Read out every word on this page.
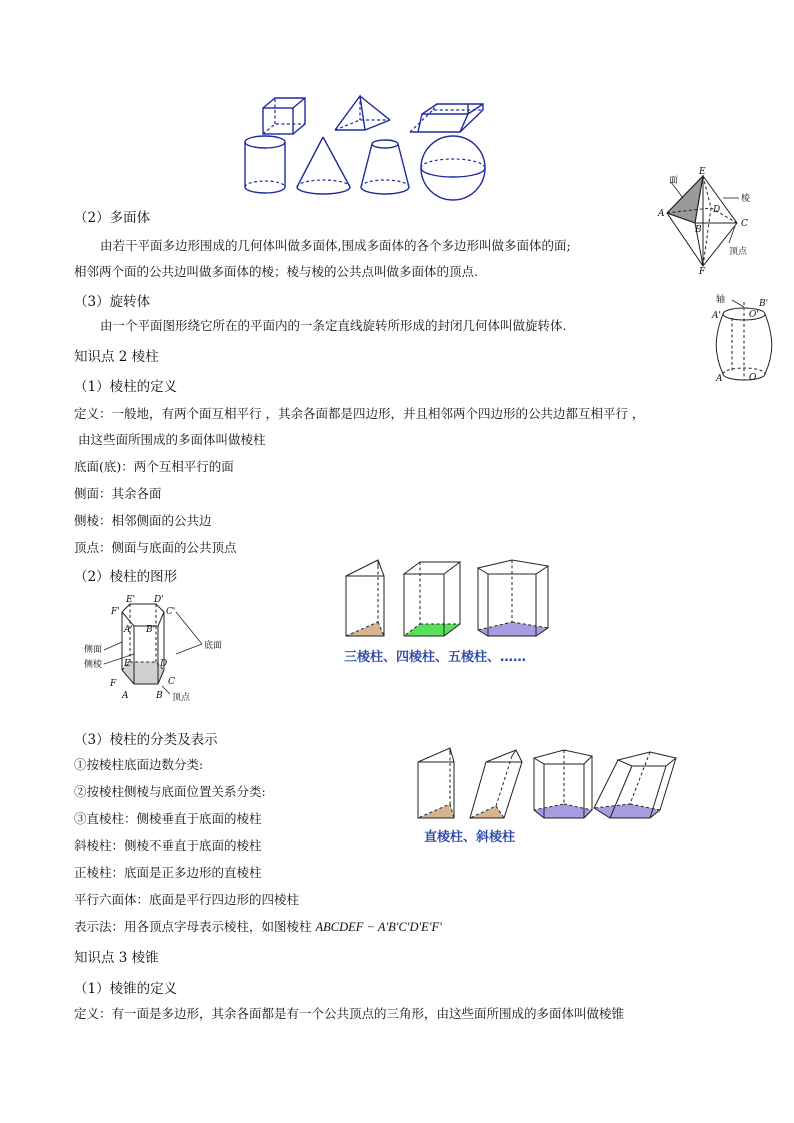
面
棱
顶点
E
A
B
C
D
F
轴	B'
A'	O'
O
A
（2）多面体
由若干平面多边形围成的几何体叫做多面体,围成多面体的各个多边形叫做多面体的面;
相邻两个面的公共边叫做多面体的棱；棱与棱的公共点叫做多面体的顶点.
（3）旋转体
由一个平面图形绕它所在的平面内的一条定直线旋转所形成的封闭几何体叫做旋转体.
知识点 2 棱柱
（1）棱柱的定义
定义：一般地，有两个面互相平行 ，其余各面都是四边形，并且相邻两个四边形的公共边都互相平行 ，
由这些面所围成的多面体叫做棱柱
底面(底)：两个互相平行的面
侧面：其余各面
侧棱：相邻侧面的公共边
顶点：侧面与底面的公共顶点
（2）棱柱的图形
E' D'
F'	C'
A' B'
E	D
F	C
A	B
侧面
侧棱
底面
顶点
三棱柱、四棱柱、五棱柱、……
（3）棱柱的分类及表示
①按棱柱底面边数分类:
②按棱柱侧棱与底面位置关系分类:
③直棱柱：侧棱垂直于底面的棱柱
斜棱柱：侧棱不垂直于底面的棱柱
正棱柱：底面是正多边形的直棱柱
平行六面体：底面是平行四边形的四棱柱
表示法：用各顶点字母表示棱柱，如图棱柱 ABCDEF − A'B'C'D'E'F'
直棱柱、斜棱柱
知识点 3 棱锥
（1）棱锥的定义
定义：有一面是多边形，其余各面都是有一个公共顶点的三角形，由这些面所围成的多面体叫做棱锥
